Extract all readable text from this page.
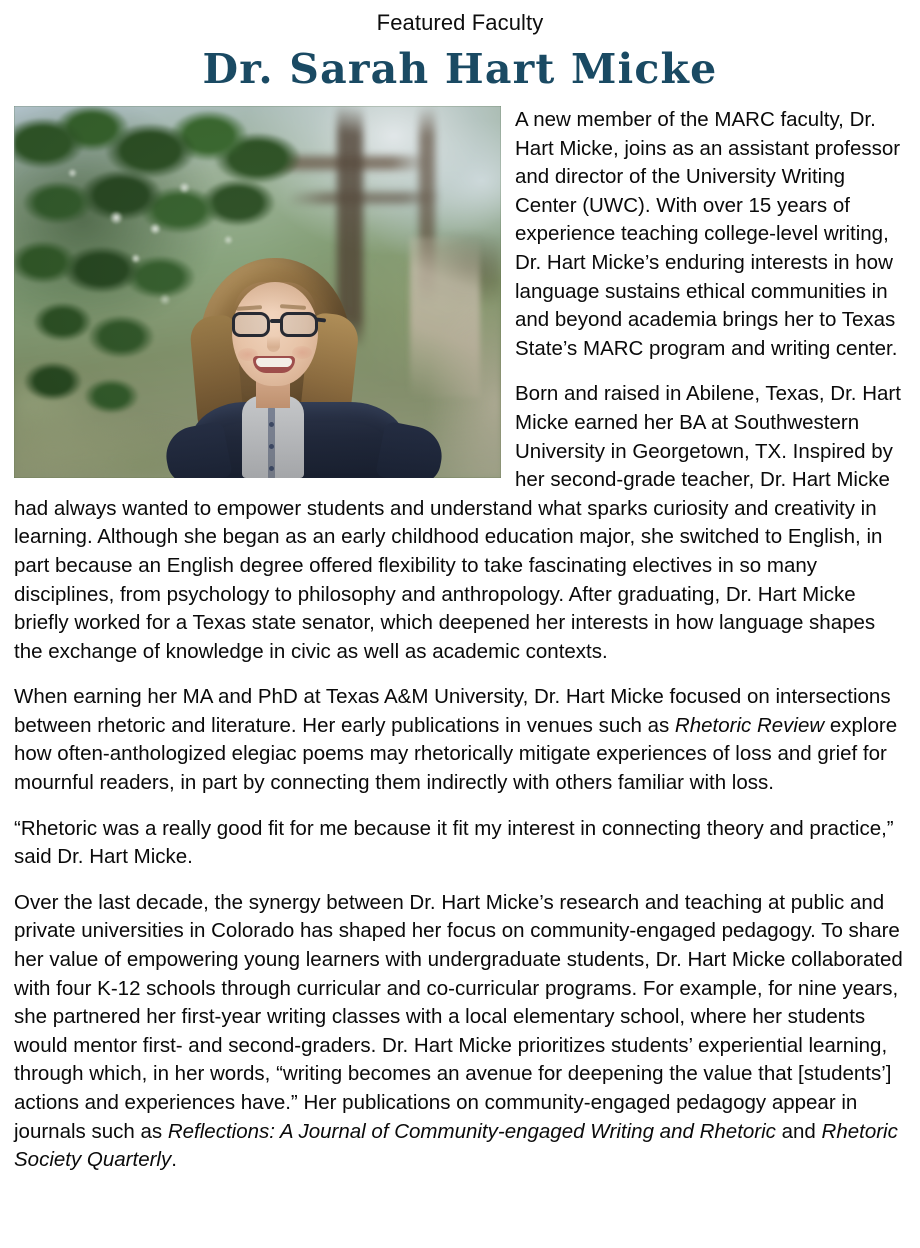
Featured Faculty
Dr. Sarah Hart Micke

A new member of the MARC faculty, Dr. Hart Micke, joins as an assistant professor and director of the University Writing Center (UWC). With over 15 years of experience teaching college-level writing, Dr. Hart Micke’s enduring interests in how language sustains ethical communities in and beyond academia brings her to Texas State’s MARC program and writing center.

Born and raised in Abilene, Texas, Dr. Hart Micke earned her BA at Southwestern University in Georgetown, TX. Inspired by her second-grade teacher, Dr. Hart Micke had always wanted to empower students and understand what sparks curiosity and creativity in learning. Although she began as an early childhood education major, she switched to English, in part because an English degree offered flexibility to take fascinating electives in so many disciplines, from psychology to philosophy and anthropology. After graduating, Dr. Hart Micke briefly worked for a Texas state senator, which deepened her interests in how language shapes the exchange of knowledge in civic as well as academic contexts.

When earning her MA and PhD at Texas A&M University, Dr. Hart Micke focused on intersections between rhetoric and literature. Her early publications in venues such as Rhetoric Review explore how often-anthologized elegiac poems may rhetorically mitigate experiences of loss and grief for mournful readers, in part by connecting them indirectly with others familiar with loss.

“Rhetoric was a really good fit for me because it fit my interest in connecting theory and practice,” said Dr. Hart Micke.

Over the last decade, the synergy between Dr. Hart Micke’s research and teaching at public and private universities in Colorado has shaped her focus on community-engaged pedagogy. To share her value of empowering young learners with undergraduate students, Dr. Hart Micke collaborated with four K-12 schools through curricular and co-curricular programs. For example, for nine years, she partnered her first-year writing classes with a local elementary school, where her students would mentor first- and second-graders. Dr. Hart Micke prioritizes students’ experiential learning, through which, in her words, “writing becomes an avenue for deepening the value that [students’] actions and experiences have.” Her publications on community-engaged pedagogy appear in journals such as Reflections: A Journal of Community-engaged Writing and Rhetoric and Rhetoric Society Quarterly.
